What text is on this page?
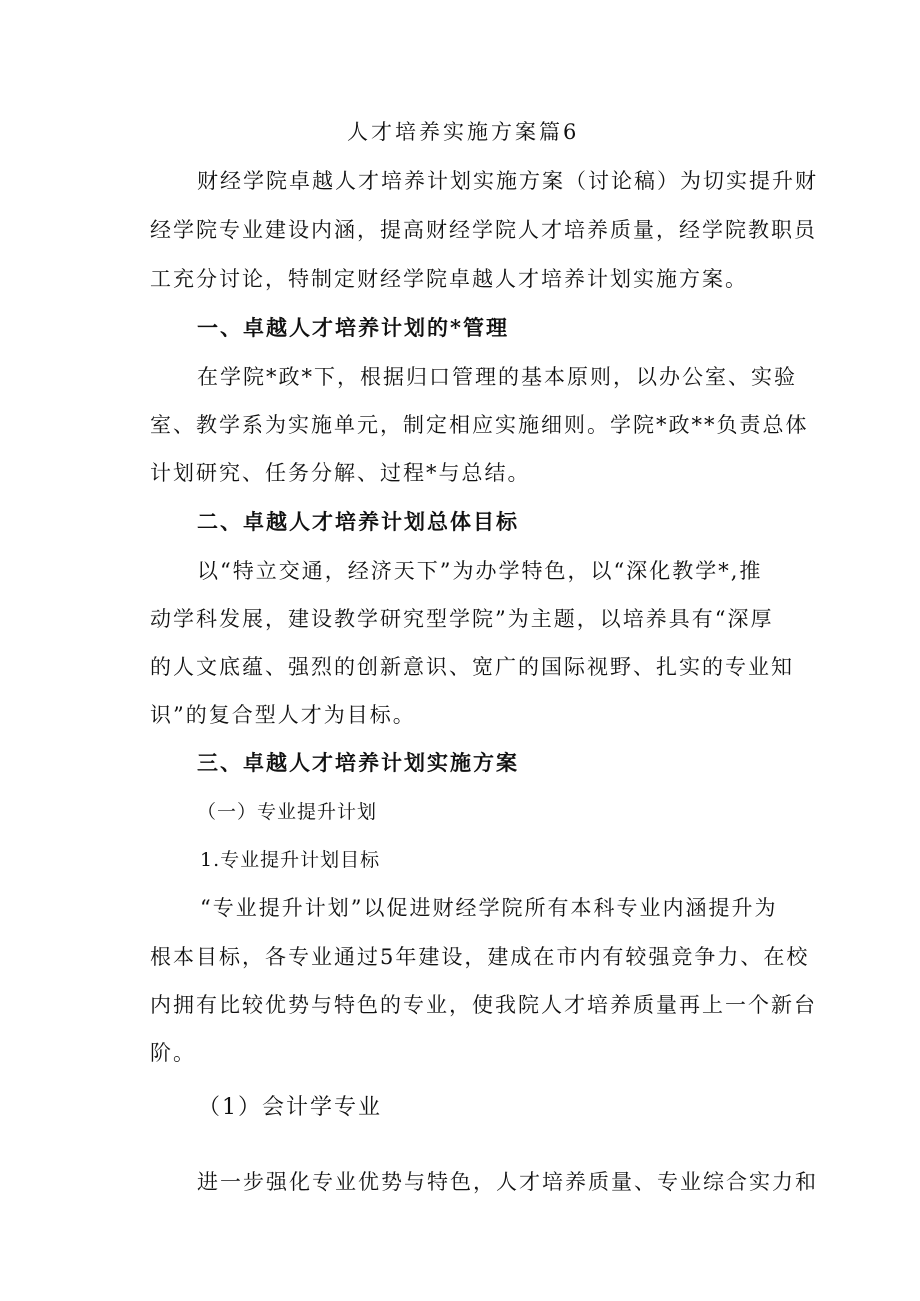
人才培养实施方案篇6
财经学院卓越人才培养计划实施方案（讨论稿）为切实提升财
经学院专业建设内涵，提高财经学院人才培养质量，经学院教职员
工充分讨论，特制定财经学院卓越人才培养计划实施方案。
一、卓越人才培养计划的*管理
在学院*政*下，根据归口管理的基本原则，以办公室、实验
室、教学系为实施单元，制定相应实施细则。学院*政**负责总体
计划研究、任务分解、过程*与总结。
二、卓越人才培养计划总体目标
以“特立交通，经济天下”为办学特色，以“深化教学*,推
动学科发展，建设教学研究型学院”为主题，以培养具有“深厚
的人文底蕴、强烈的创新意识、宽广的国际视野、扎实的专业知
识”的复合型人才为目标。
三、卓越人才培养计划实施方案
（一）专业提升计划
1.专业提升计划目标
“专业提升计划”以促进财经学院所有本科专业内涵提升为
根本目标，各专业通过5年建设，建成在市内有较强竞争力、在校
内拥有比较优势与特色的专业，使我院人才培养质量再上一个新台
阶。
（1）会计学专业
进一步强化专业优势与特色，人才培养质量、专业综合实力和
